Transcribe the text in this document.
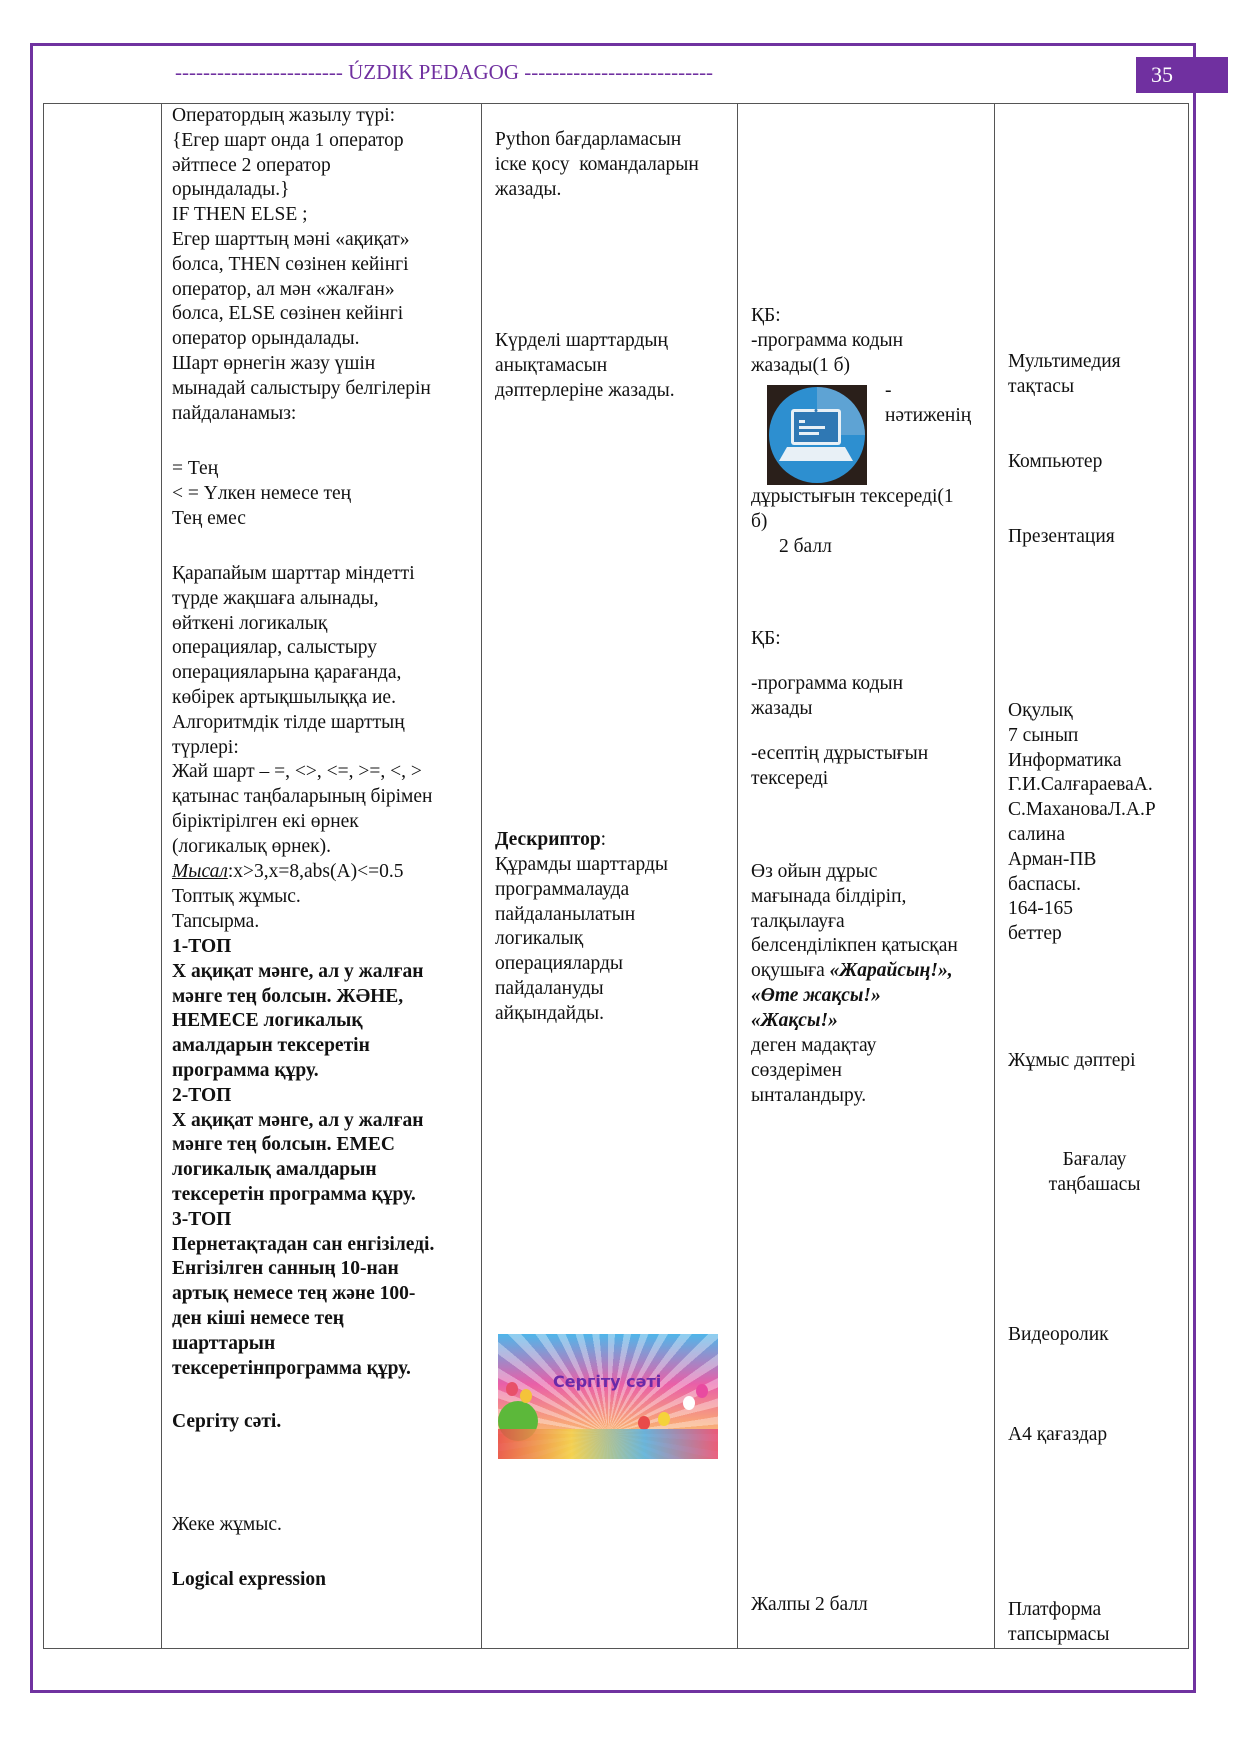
------------------------ ÚZDIK PEDAGOG ---------------------------	35
Оператордың жазылу түрі:
{Егер шарт онда 1 оператор
әйтпесе 2 оператор
орындалады.}
IF THEN ELSE ;
Егер шарттың мәні «ақиқат»
болса, THEN сөзінен кейінгі
оператор, ал мән «жалған»
болса, ELSE сөзінен кейінгі
оператор орындалады.
Шарт өрнегін жазу үшін
мынадай салыстыру белгілерін
пайдаланамыз:
= Тең
< = Үлкен немесе тең
Тең емес
Қарапайым шарттар міндетті
түрде жақшаға алынады,
өйткені логикалық
операциялар, салыстыру
операцияларына қарағанда,
көбірек артықшылыққа ие.
Алгоритмдік тілде шарттың
түрлері:
Жай шарт – =, <>, <=, >=, <, >
қатынас таңбаларының бірімен
біріктірілген екі өрнек
(логикалық өрнек).
Мысал:x>3,x=8,abs(A)<=0.5
Топтық жұмыс.
Тапсырма.
1-ТОП
X ақиқат мәнге, ал y жалған
мәнге тең болсын. ЖӘНЕ,
НЕМЕСЕ логикалық
амалдарын тексеретін
программа құру.
2-ТОП
X ақиқат мәнге, ал y жалған
мәнге тең болсын. ЕМЕС
логикалық амалдарын
тексеретін программа құру.
3-ТОП
Пернетақтадан сан енгізіледі.
Енгізілген санның 10-нан
артық немесе тең және 100-
ден кіші немесе тең
шарттарын
тексеретінпрограмма құру.
Сергіту сәті.
Жеке жұмыс.
Logical expression
Python бағдарламасын
іске қосу  командаларын
жазады.
Күрделі шарттардың
анықтамасын
дәптерлеріне жазады.
Дескриптор:
Құрамды шарттарды
программалауда
пайдаланылатын
логикалық
операцияларды
пайдалануды
айқындайды.
Сергіту сәті
ҚБ:
-программа кодын
жазады(1 б)
-
нәтиженің
дұрыстығын тексереді(1
б)
2 балл
ҚБ:
-программа кодын
жазады
-есептің дұрыстығын
тексереді
Өз ойын дұрыс
мағынада білдіріп,
талқылауға
белсенділікпен қатысқан
оқушыға «Жарайсың!»,
«Өте жақсы!»
«Жақсы!»
деген мадақтау
сөздерімен
ынталандыру.
Жалпы 2 балл
Мультимедия
тақтасы
Компьютер
Презентация
Оқулық
7 сынып
Информатика
Г.И.СалғараеваА.
С.МахановаЛ.А.Р
салина
Арман-ПВ
баспасы.
164-165
беттер
Жұмыс дәптері
Бағалау
таңбашасы
Видеоролик
А4 қағаздар
Платформа
тапсырмасы
